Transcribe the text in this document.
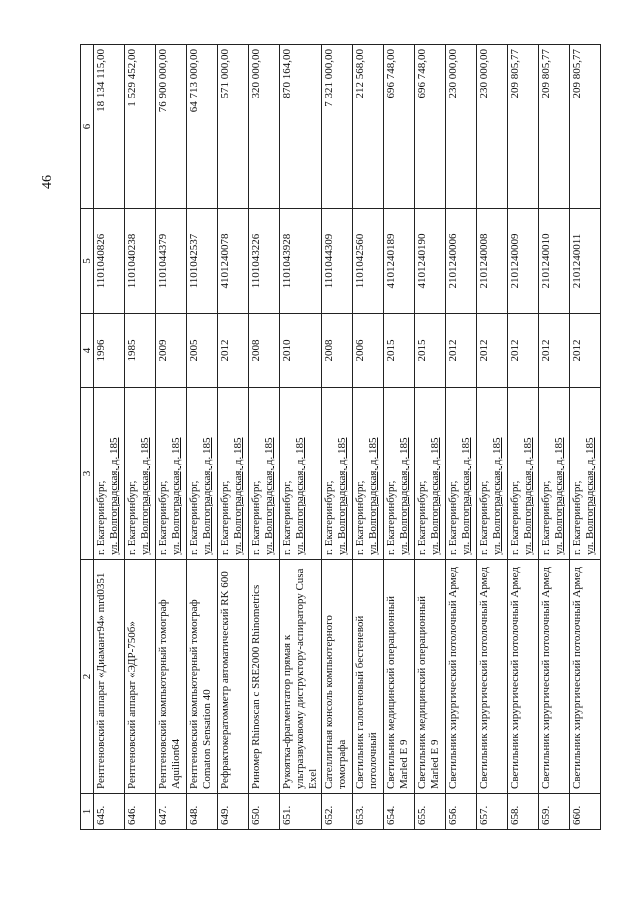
46
1	2	3	4	5	6
645.	Рентгеновский аппарат «Диамант94» mrd0351	г. Екатеринбург, ул. Волгоградская, д. 185	1996	1101040826	18 134 115,00
646.	Рентгеновский аппарат «ЭДР-750б»	г. Екатеринбург, ул. Волгоградская, д. 185	1985	1101040238	1 529 452,00
647.	Рентгеновский компьютерный томограф Aquilion64	г. Екатеринбург, ул. Волгоградская, д. 185	2009	1101044379	76 900 000,00
648.	Рентгеновский компьютерный томограф Comaton Sensation 40	г. Екатеринбург, ул. Волгоградская, д. 185	2005	1101042537	64 713 000,00
649.	Рефрактокератомметр автоматический RK 600	г. Екатеринбург, ул. Волгоградская, д. 185	2012	4101240078	571 000,00
650.	Риномер Rhinoscan с SRE2000 Rhinometrics	г. Екатеринбург, ул. Волгоградская, д. 185	2008	1101043226	320 000,00
651.	Рукоятка-фрагментатор прямая к ультразвуковому диструктору-аспиратору Cusa Exel	г. Екатеринбург, ул. Волгоградская, д. 185	2010	1101043928	870 164,00
652.	Сателлитная консоль компьютерного томографа	г. Екатеринбург, ул. Волгоградская, д. 185	2008	1101044309	7 321 000,00
653.	Светильник галогеновый бестеневой потолочный	г. Екатеринбург, ул. Волгоградская, д. 185	2006	1101042560	212 568,00
654.	Светильник медицинский операционный Marled E 9	г. Екатеринбург, ул. Волгоградская, д. 185	2015	4101240189	696 748,00
655.	Светильник медицинский операционный Marled E 9	г. Екатеринбург, ул. Волгоградская, д. 185	2015	4101240190	696 748,00
656.	Светильник хирургический потолочный Армед	г. Екатеринбург, ул. Волгоградская, д. 185	2012	2101240006	230 000,00
657.	Светильник хирургический потолочный Армед	г. Екатеринбург, ул. Волгоградская, д. 185	2012	2101240008	230 000,00
658.	Светильник хирургический потолочный Армед	г. Екатеринбург, ул. Волгоградская, д. 185	2012	2101240009	209 805,77
659.	Светильник хирургический потолочный Армед	г. Екатеринбург, ул. Волгоградская, д. 185	2012	2101240010	209 805,77
660.	Светильник хирургический потолочный Армед	г. Екатеринбург, ул. Волгоградская, д. 185	2012	2101240011	209 805,77
